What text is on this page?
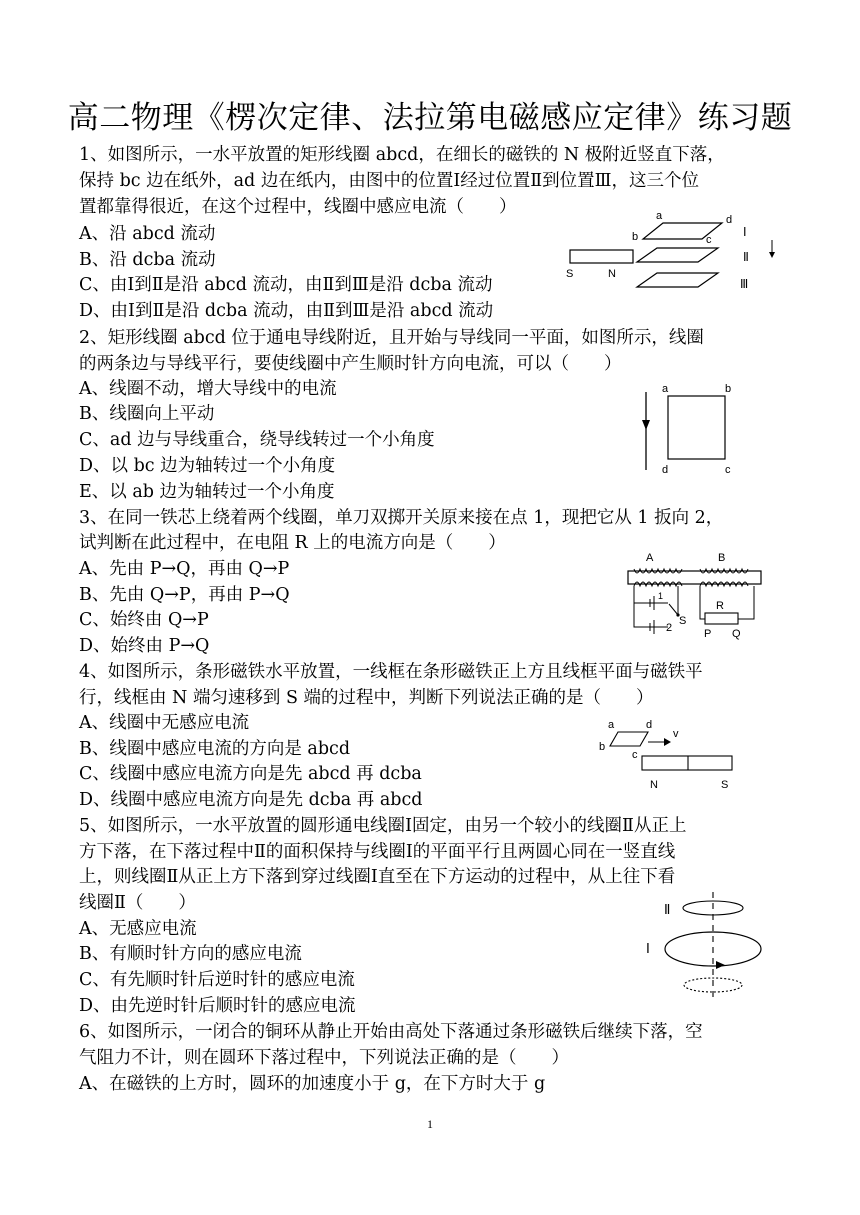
高二物理《楞次定律、法拉第电磁感应定律》练习题
1、如图所示，一水平放置的矩形线圈 abcd，在细长的磁铁的 N 极附近竖直下落，
保持 bc 边在纸外，ad 边在纸内，由图中的位置Ⅰ经过位置Ⅱ到位置Ⅲ，这三个位
置都靠得很近，在这个过程中，线圈中感应电流（　　）
A、沿 abcd 流动
B、沿 dcba 流动
C、由Ⅰ到Ⅱ是沿 abcd 流动，由Ⅱ到Ⅲ是沿 dcba 流动
D、由Ⅰ到Ⅱ是沿 dcba 流动，由Ⅱ到Ⅲ是沿 abcd 流动
a	d
b	c
S	N
Ⅰ
Ⅱ
Ⅲ
2、矩形线圈 abcd 位于通电导线附近，且开始与导线同一平面，如图所示，线圈
的两条边与导线平行，要使线圈中产生顺时针方向电流，可以（　　）
A、线圈不动，增大导线中的电流
B、线圈向上平动
C、ad 边与导线重合，绕导线转过一个小角度
D、以 bc 边为轴转过一个小角度
E、以 ab 边为轴转过一个小角度
a	b
d	c
3、在同一铁芯上绕着两个线圈，单刀双掷开关原来接在点 1，现把它从 1 扳向 2，
试判断在此过程中，在电阻 R 上的电流方向是（　　）
A、先由 P→Q，再由 Q→P
B、先由 Q→P，再由 P→Q
C、始终由 Q→P
D、始终由 P→Q
A	B
1
2
S
R
P Q
4、如图所示，条形磁铁水平放置，一线框在条形磁铁正上方且线框平面与磁铁平
行，线框由 N 端匀速移到 S 端的过程中，判断下列说法正确的是（　　）
A、线圈中无感应电流
B、线圈中感应电流的方向是 abcd
C、线圈中感应电流方向是先 abcd 再 dcba
D、线圈中感应电流方向是先 dcba 再 abcd
a	d
b
c
v
N	S
5、如图所示，一水平放置的圆形通电线圈Ⅰ固定，由另一个较小的线圈Ⅱ从正上
方下落，在下落过程中Ⅱ的面积保持与线圈Ⅰ的平面平行且两圆心同在一竖直线
上，则线圈Ⅱ从正上方下落到穿过线圈Ⅰ直至在下方运动的过程中，从上往下看
线圈Ⅱ（　　）
A、无感应电流
B、有顺时针方向的感应电流
C、有先顺时针后逆时针的感应电流
D、由先逆时针后顺时针的感应电流
Ⅱ
Ⅰ
6、如图所示，一闭合的铜环从静止开始由高处下落通过条形磁铁后继续下落，空
气阻力不计，则在圆环下落过程中，下列说法正确的是（　　）
A、在磁铁的上方时，圆环的加速度小于 g，在下方时大于 g
1
